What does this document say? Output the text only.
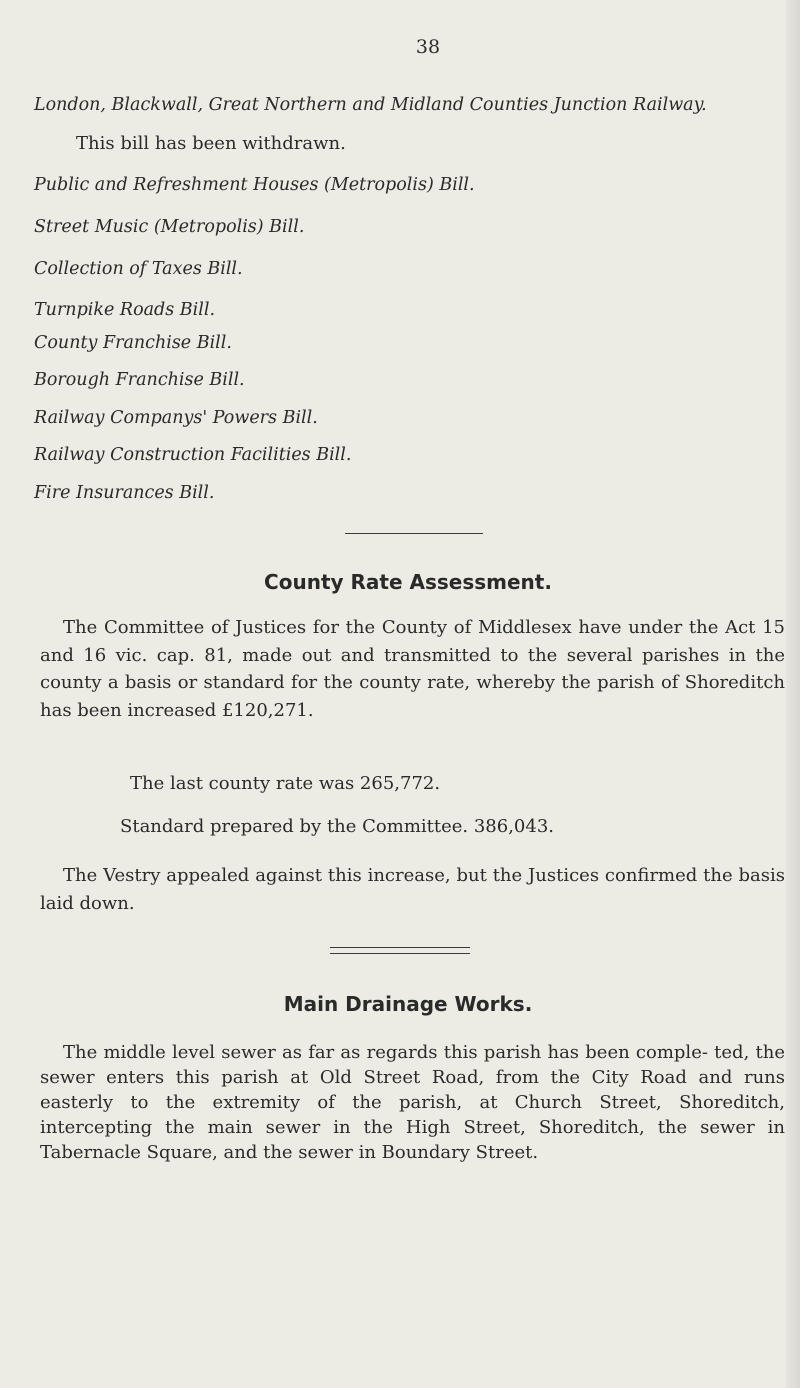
38
London, Blackwall, Great Northern and Midland Counties Junction Railway.
This bill has been withdrawn.
Public and Refreshment Houses (Metropolis) Bill.
Street Music (Metropolis) Bill.
Collection of Taxes Bill.
Turnpike Roads Bill.
County Franchise Bill.
Borough Franchise Bill.
Railway Companys' Powers Bill.
Railway Construction Facilities Bill.
Fire Insurances Bill.
County Rate Assessment.
The Committee of Justices for the County of Middlesex have under the Act 15 and 16 vic. cap. 81, made out and transmitted to the several parishes in the county a basis or standard for the county rate, whereby the parish of Shoreditch has been increased £120,271.
The last county rate was 265,772.
Standard prepared by the Committee. 386,043.
The Vestry appealed against this increase, but the Justices confirmed the basis laid down.
Main Drainage Works.
The middle level sewer as far as regards this parish has been comple- ted, the sewer enters this parish at Old Street Road, from the City Road and runs easterly to the extremity of the parish, at Church Street, Shoreditch, intercepting the main sewer in the High Street, Shoreditch, the sewer in Tabernacle Square, and the sewer in Boundary Street.
